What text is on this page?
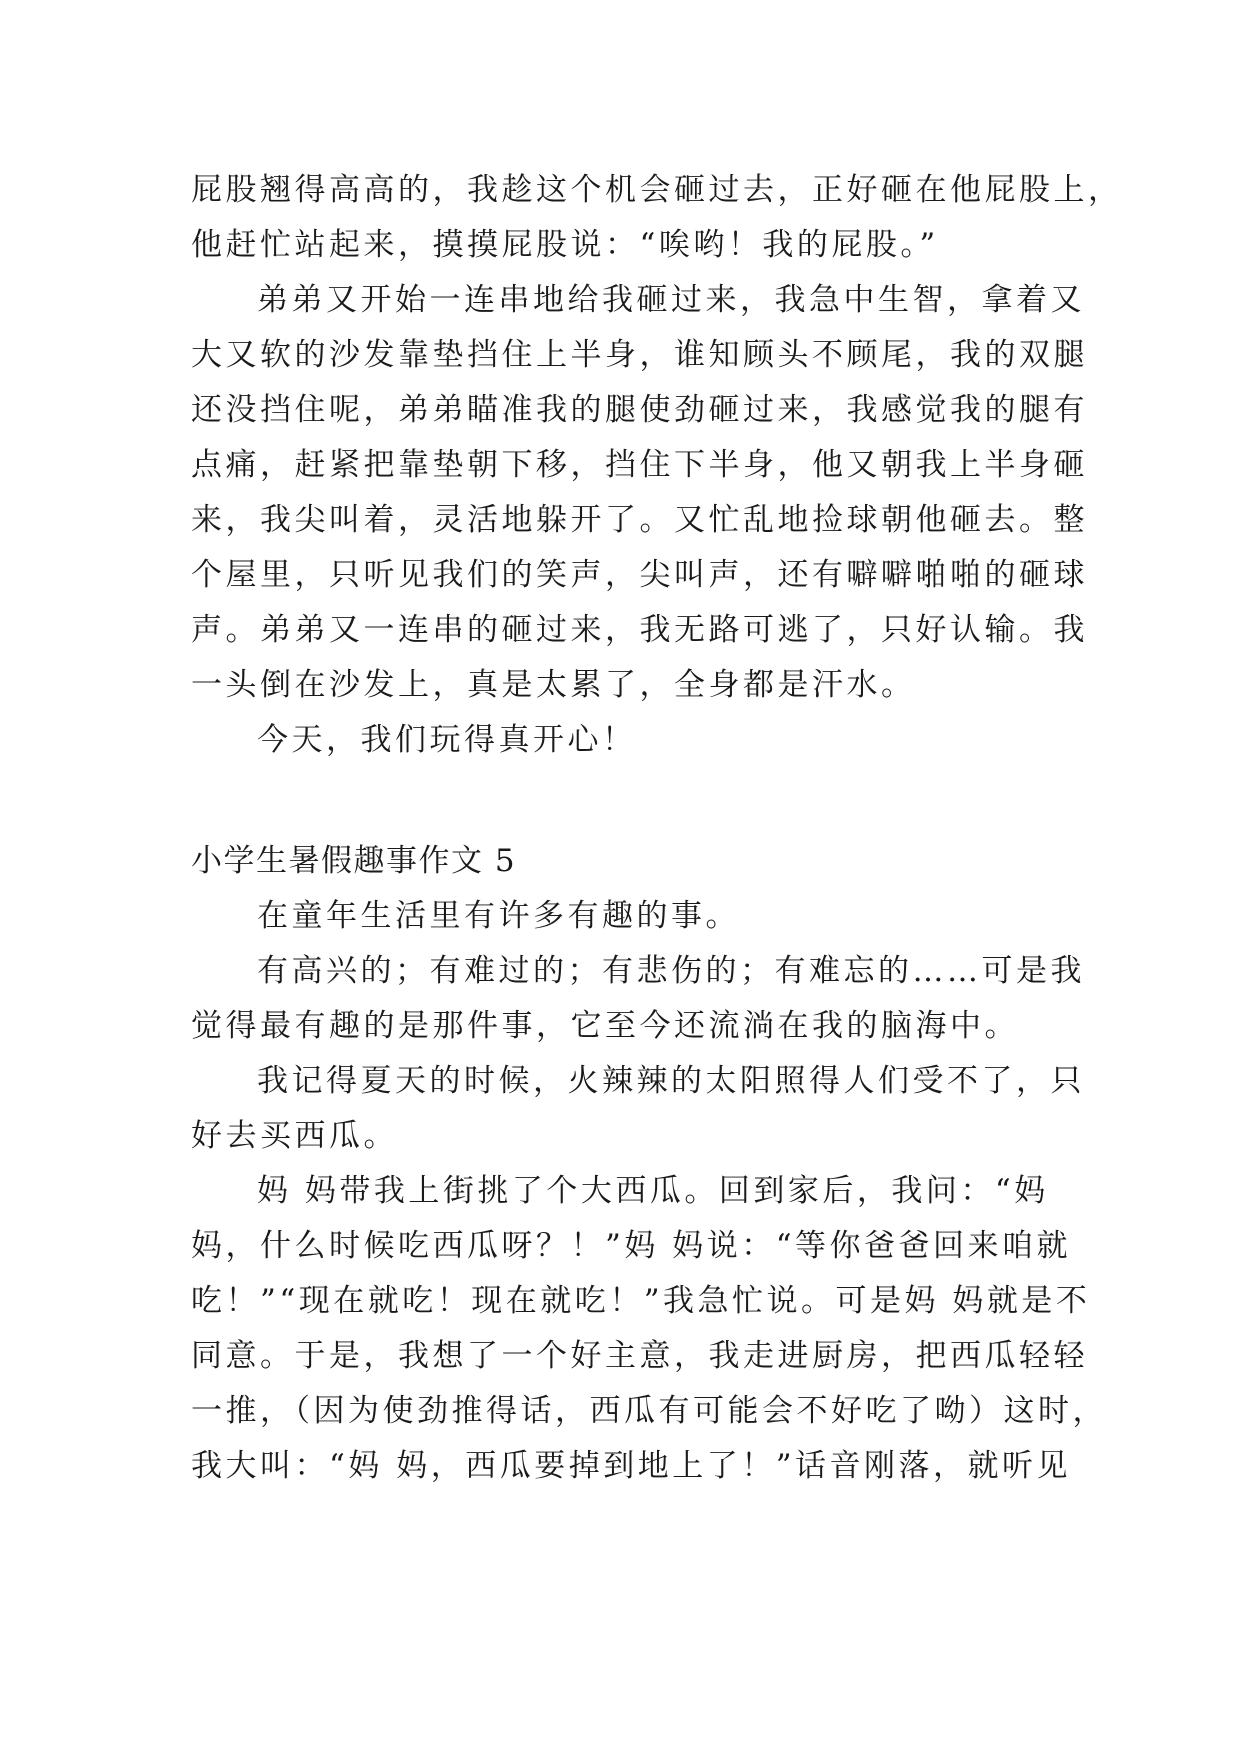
屁股翘得高高的，我趁这个机会砸过去，正好砸在他屁股上，
他赶忙站起来，摸摸屁股说：“唉哟！我的屁股。”
弟弟又开始一连串地给我砸过来，我急中生智，拿着又
大又软的沙发靠垫挡住上半身，谁知顾头不顾尾，我的双腿
还没挡住呢，弟弟瞄准我的腿使劲砸过来，我感觉我的腿有
点痛，赶紧把靠垫朝下移，挡住下半身，他又朝我上半身砸
来，我尖叫着，灵活地躲开了。又忙乱地捡球朝他砸去。整
个屋里，只听见我们的笑声，尖叫声，还有噼噼啪啪的砸球
声。弟弟又一连串的砸过来，我无路可逃了，只好认输。我
一头倒在沙发上，真是太累了，全身都是汗水。
今天，我们玩得真开心！
小学生暑假趣事作文 5
在童年生活里有许多有趣的事。
有高兴的；有难过的；有悲伤的；有难忘的……可是我
觉得最有趣的是那件事，它至今还流淌在我的脑海中。
我记得夏天的时候，火辣辣的太阳照得人们受不了，只
好去买西瓜。
妈 妈带我上街挑了个大西瓜。回到家后，我问：“妈
妈，什么时候吃西瓜呀？！”妈 妈说：“等你爸爸回来咱就
吃！”“现在就吃！现在就吃！”我急忙说。可是妈 妈就是不
同意。于是，我想了一个好主意，我走进厨房，把西瓜轻轻
一推，（因为使劲推得话，西瓜有可能会不好吃了呦）这时，
我大叫：“妈 妈，西瓜要掉到地上了！”话音刚落，就听见
